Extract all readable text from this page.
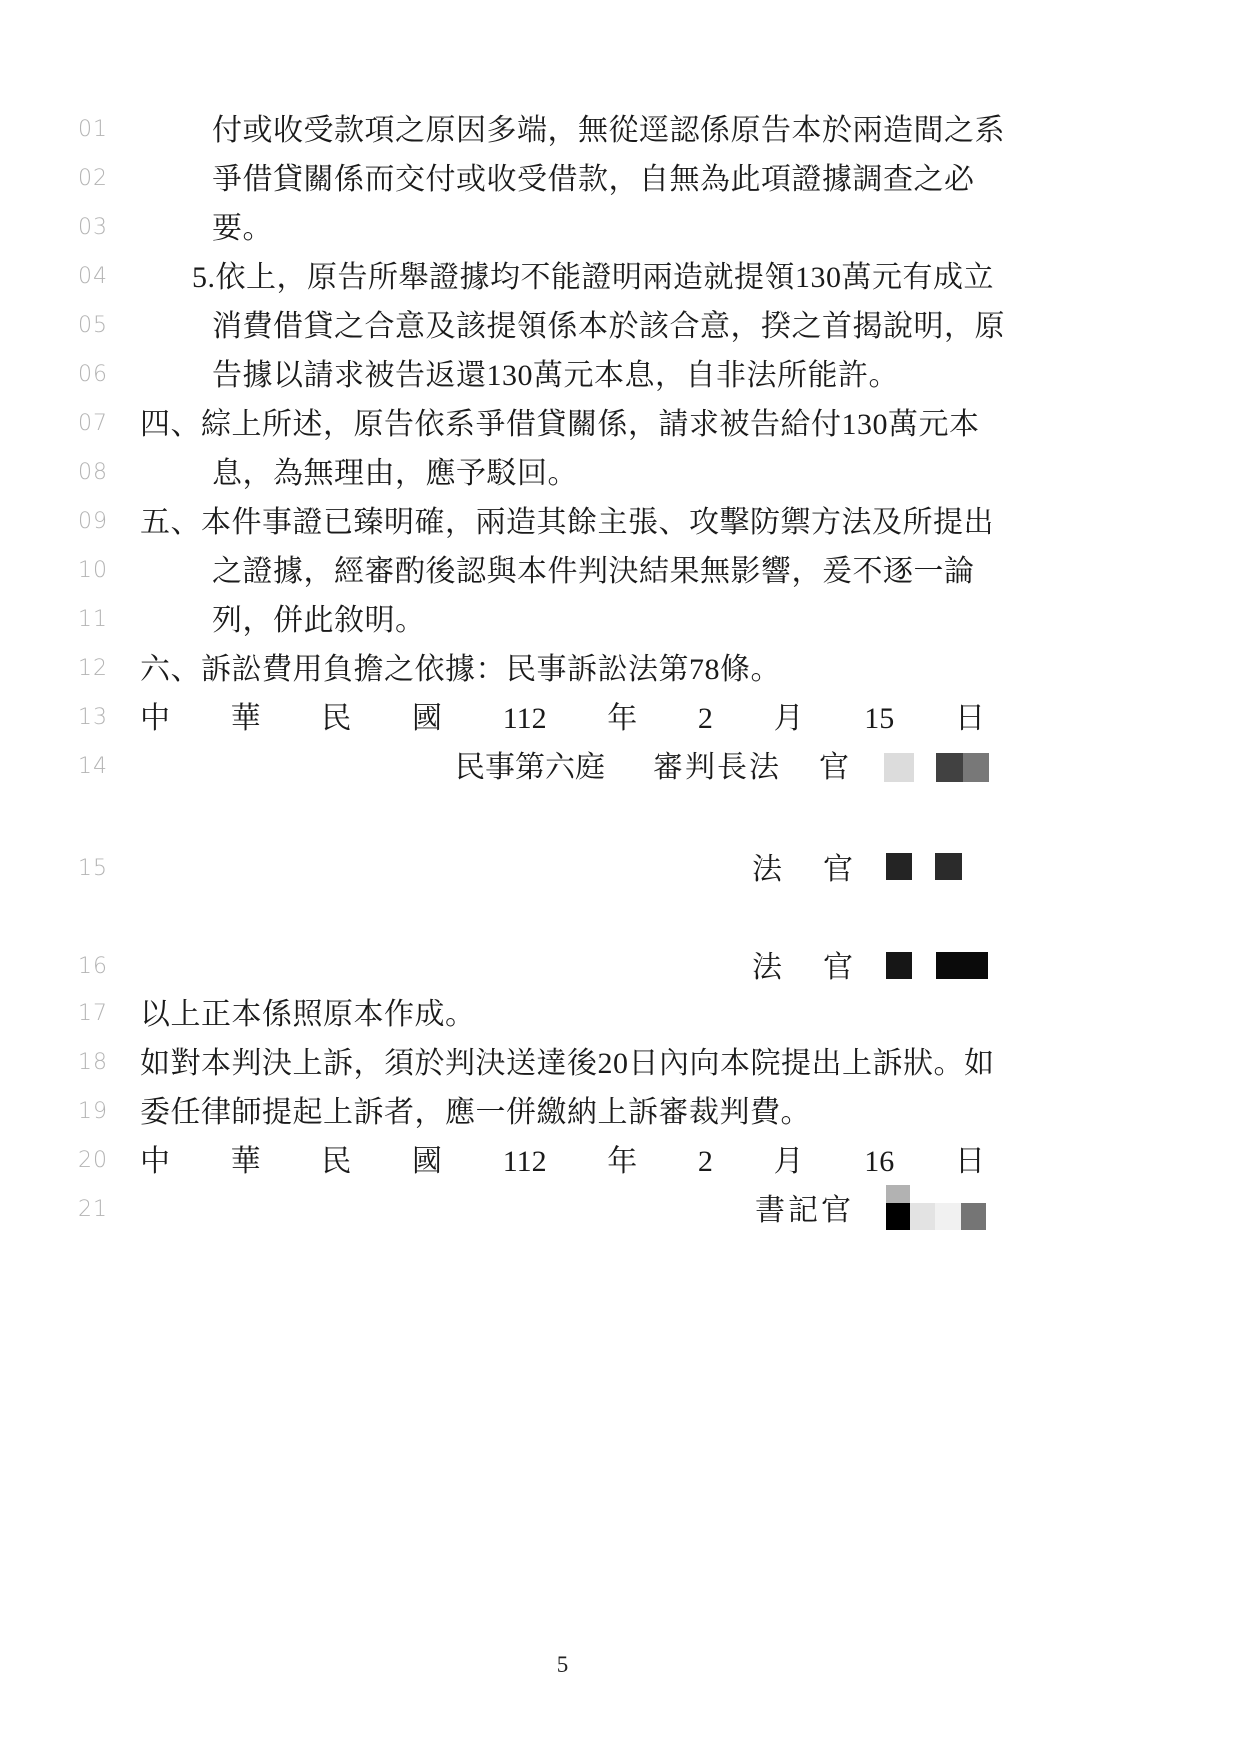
01
02
03
04
05
06
07
08
09
10
11
12
13
14
15
16
17
18
19
20
21
付或收受款項之原因多端，無從逕認係原告本於兩造間之系
爭借貸關係而交付或收受借款，自無為此項證據調查之必
要。
5.依上，原告所舉證據均不能證明兩造就提領130萬元有成立
消費借貸之合意及該提領係本於該合意，揆之首揭說明，原
告據以請求被告返還130萬元本息，自非法所能許。
四、綜上所述，原告依系爭借貸關係，請求被告給付130萬元本
息，為無理由，應予駁回。
五、本件事證已臻明確，兩造其餘主張、攻擊防禦方法及所提出
之證據，經審酌後認與本件判決結果無影響，爰不逐一論
列，併此敘明。
六、訴訟費用負擔之依據：民事訴訟法第78條。
中 華 民 國 112 年 2 月 15 日
民事第六庭 審判長法 官
法 官
法 官
以上正本係照原本作成。
如對本判決上訴，須於判決送達後20日內向本院提出上訴狀。如
委任律師提起上訴者，應一併繳納上訴審裁判費。
中 華 民 國 112 年 2 月 16 日
書記官
5
